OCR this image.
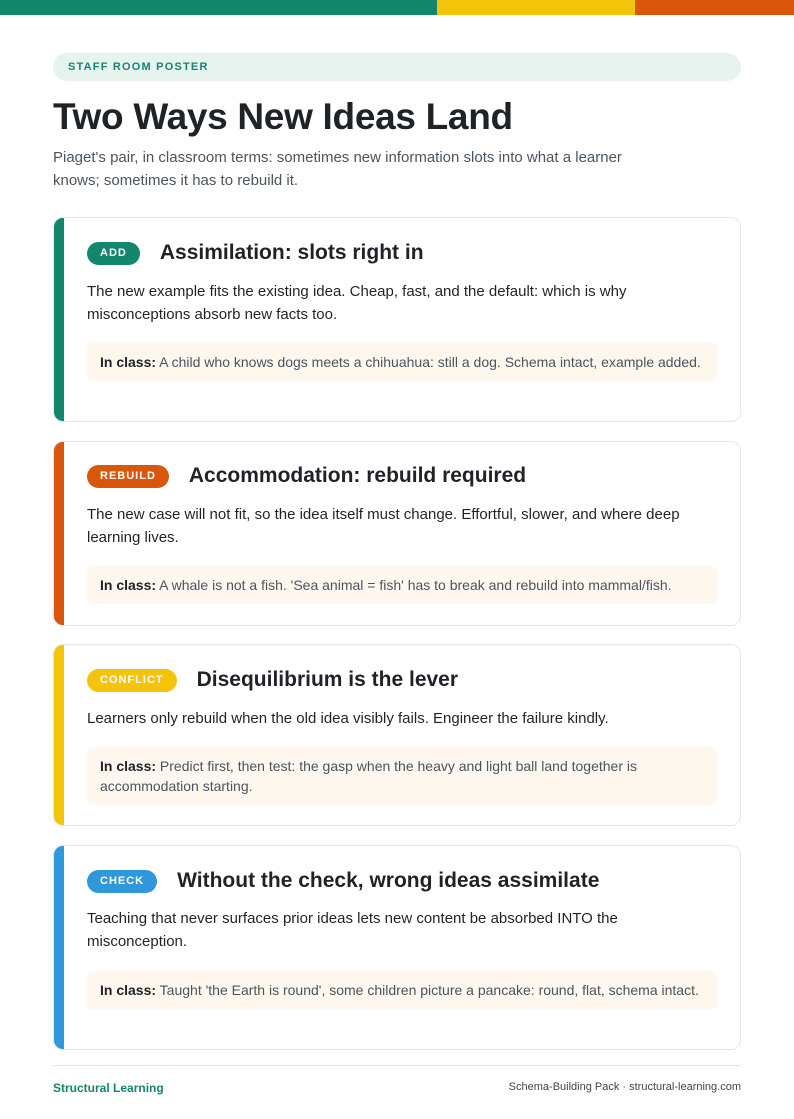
STAFF ROOM POSTER
Two Ways New Ideas Land

Piaget's pair, in classroom terms: sometimes new information slots into what a learner knows; sometimes it has to rebuild it.

ADD	Assimilation: slots right in

The new example fits the existing idea. Cheap, fast, and the default: which is why misconceptions absorb new facts too.

In class: A child who knows dogs meets a chihuahua: still a dog. Schema intact, example added.
REBUILD	Accommodation: rebuild required

The new case will not fit, so the idea itself must change. Effortful, slower, and where deep learning lives.

In class: A whale is not a fish. 'Sea animal = fish' has to break and rebuild into mammal/fish.
CONFLICT	Disequilibrium is the lever

Learners only rebuild when the old idea visibly fails. Engineer the failure kindly.

In class: Predict first, then test: the gasp when the heavy and light ball land together is accommodation starting.
CHECK	Without the check, wrong ideas assimilate

Teaching that never surfaces prior ideas lets new content be absorbed INTO the misconception.

In class: Taught 'the Earth is round', some children picture a pancake: round, flat, schema intact.
Structural Learning	Schema-Building Pack · structural-learning.com
